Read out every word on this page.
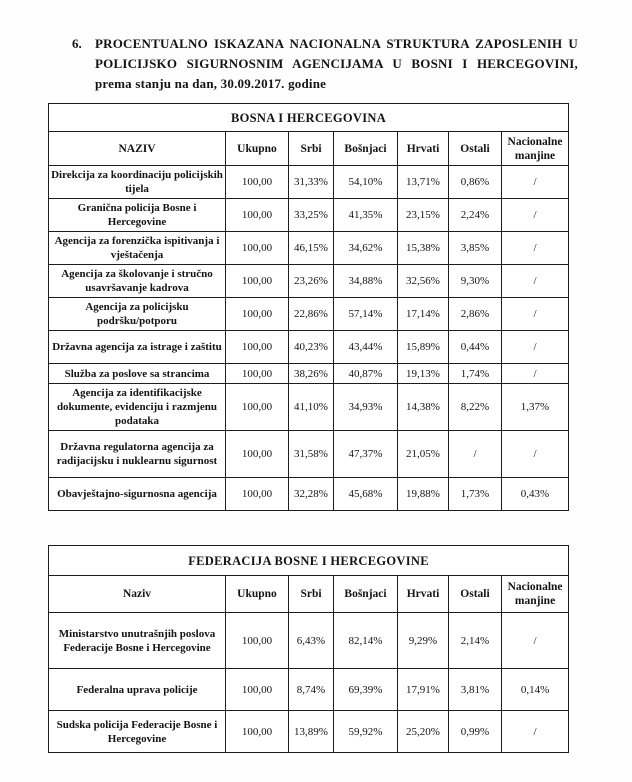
6. PROCENTUALNO ISKAZANA NACIONALNA STRUKTURA ZAPOSLENIH U
POLICIJSKO SIGURNOSNIM AGENCIJAMA U BOSNI I HERCEGOVINI,
prema stanju na dan, 30.09.2017. godine
BOSNA I HERCEGOVINA						
NAZIV	Ukupno	Srbi	Bošnjaci	Hrvati	Ostali	Nacionalne manjine
Direkcija za koordinaciju policijskih tijela	100,00	31,33%	54,10%	13,71%	0,86%	/
Granična policija Bosne i Hercegovine	100,00	33,25%	41,35%	23,15%	2,24%	/
Agencija za forenzička ispitivanja i vještačenja	100,00	46,15%	34,62%	15,38%	3,85%	/
Agencija za školovanje i stručno usavršavanje kadrova	100,00	23,26%	34,88%	32,56%	9,30%	/
Agencija za policijsku podršku/potporu	100,00	22,86%	57,14%	17,14%	2,86%	/
Državna agencija za istrage i zaštitu	100,00	40,23%	43,44%	15,89%	0,44%	/
Služba za poslove sa strancima	100,00	38,26%	40,87%	19,13%	1,74%	/
Agencija za identifikacijske dokumente, evidenciju i razmjenu podataka	100,00	41,10%	34,93%	14,38%	8,22%	1,37%
Državna regulatorna agencija za radijacijsku i nuklearnu sigurnost	100,00	31,58%	47,37%	21,05%	/	/
Obavještajno-sigurnosna agencija	100,00	32,28%	45,68%	19,88%	1,73%	0,43%
FEDERACIJA BOSNE I HERCEGOVINE						
Naziv	Ukupno	Srbi	Bošnjaci	Hrvati	Ostali	Nacionalne manjine
Ministarstvo unutrašnjih poslova Federacije Bosne i Hercegovine	100,00	6,43%	82,14%	9,29%	2,14%	/
Federalna uprava policije	100,00	8,74%	69,39%	17,91%	3,81%	0,14%
Sudska policija Federacije Bosne i Hercegovine	100,00	13,89%	59,92%	25,20%	0,99%	/
